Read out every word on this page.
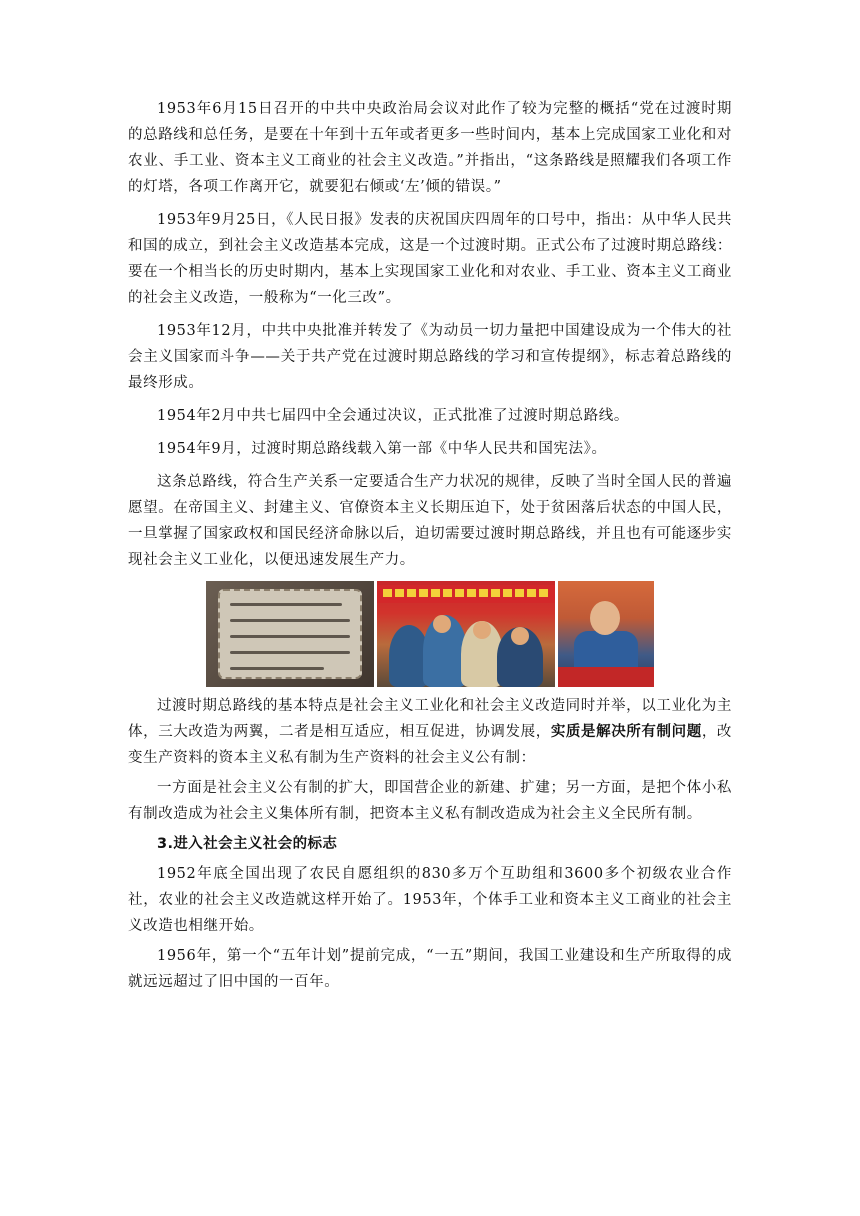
1953年6月15日召开的中共中央政治局会议对此作了较为完整的概括“党在过渡时期的总路线和总任务，是要在十年到十五年或者更多一些时间内，基本上完成国家工业化和对农业、手工业、资本主义工商业的社会主义改造。”并指出，“这条路线是照耀我们各项工作的灯塔，各项工作离开它，就要犯右倾或‘左’倾的错误。”

1953年9月25日，《人民日报》发表的庆祝国庆四周年的口号中，指出：从中华人民共和国的成立，到社会主义改造基本完成，这是一个过渡时期。正式公布了过渡时期总路线：要在一个相当长的历史时期内，基本上实现国家工业化和对农业、手工业、资本主义工商业的社会主义改造，一般称为“一化三改”。

1953年12月，中共中央批准并转发了《为动员一切力量把中国建设成为一个伟大的社会主义国家而斗争——关于共产党在过渡时期总路线的学习和宣传提纲》，标志着总路线的最终形成。

1954年2月中共七届四中全会通过决议，正式批准了过渡时期总路线。

1954年9月，过渡时期总路线载入第一部《中华人民共和国宪法》。

这条总路线，符合生产关系一定要适合生产力状况的规律，反映了当时全国人民的普遍愿望。在帝国主义、封建主义、官僚资本主义长期压迫下，处于贫困落后状态的中国人民，一旦掌握了国家政权和国民经济命脉以后，迫切需要过渡时期总路线，并且也有可能逐步实现社会主义工业化，以便迅速发展生产力。

过渡时期总路线的基本特点是社会主义工业化和社会主义改造同时并举，以工业化为主体，三大改造为两翼，二者是相互适应，相互促进，协调发展，实质是解决所有制问题，改变生产资料的资本主义私有制为生产资料的社会主义公有制：

一方面是社会主义公有制的扩大，即国营企业的新建、扩建；另一方面，是把个体小私有制改造成为社会主义集体所有制，把资本主义私有制改造成为社会主义全民所有制。

3.进入社会主义社会的标志

1952年底全国出现了农民自愿组织的830多万个互助组和3600多个初级农业合作社，农业的社会主义改造就这样开始了。1953年，个体手工业和资本主义工商业的社会主义改造也相继开始。

1956年，第一个“五年计划”提前完成，“一五”期间，我国工业建设和生产所取得的成就远远超过了旧中国的一百年。
